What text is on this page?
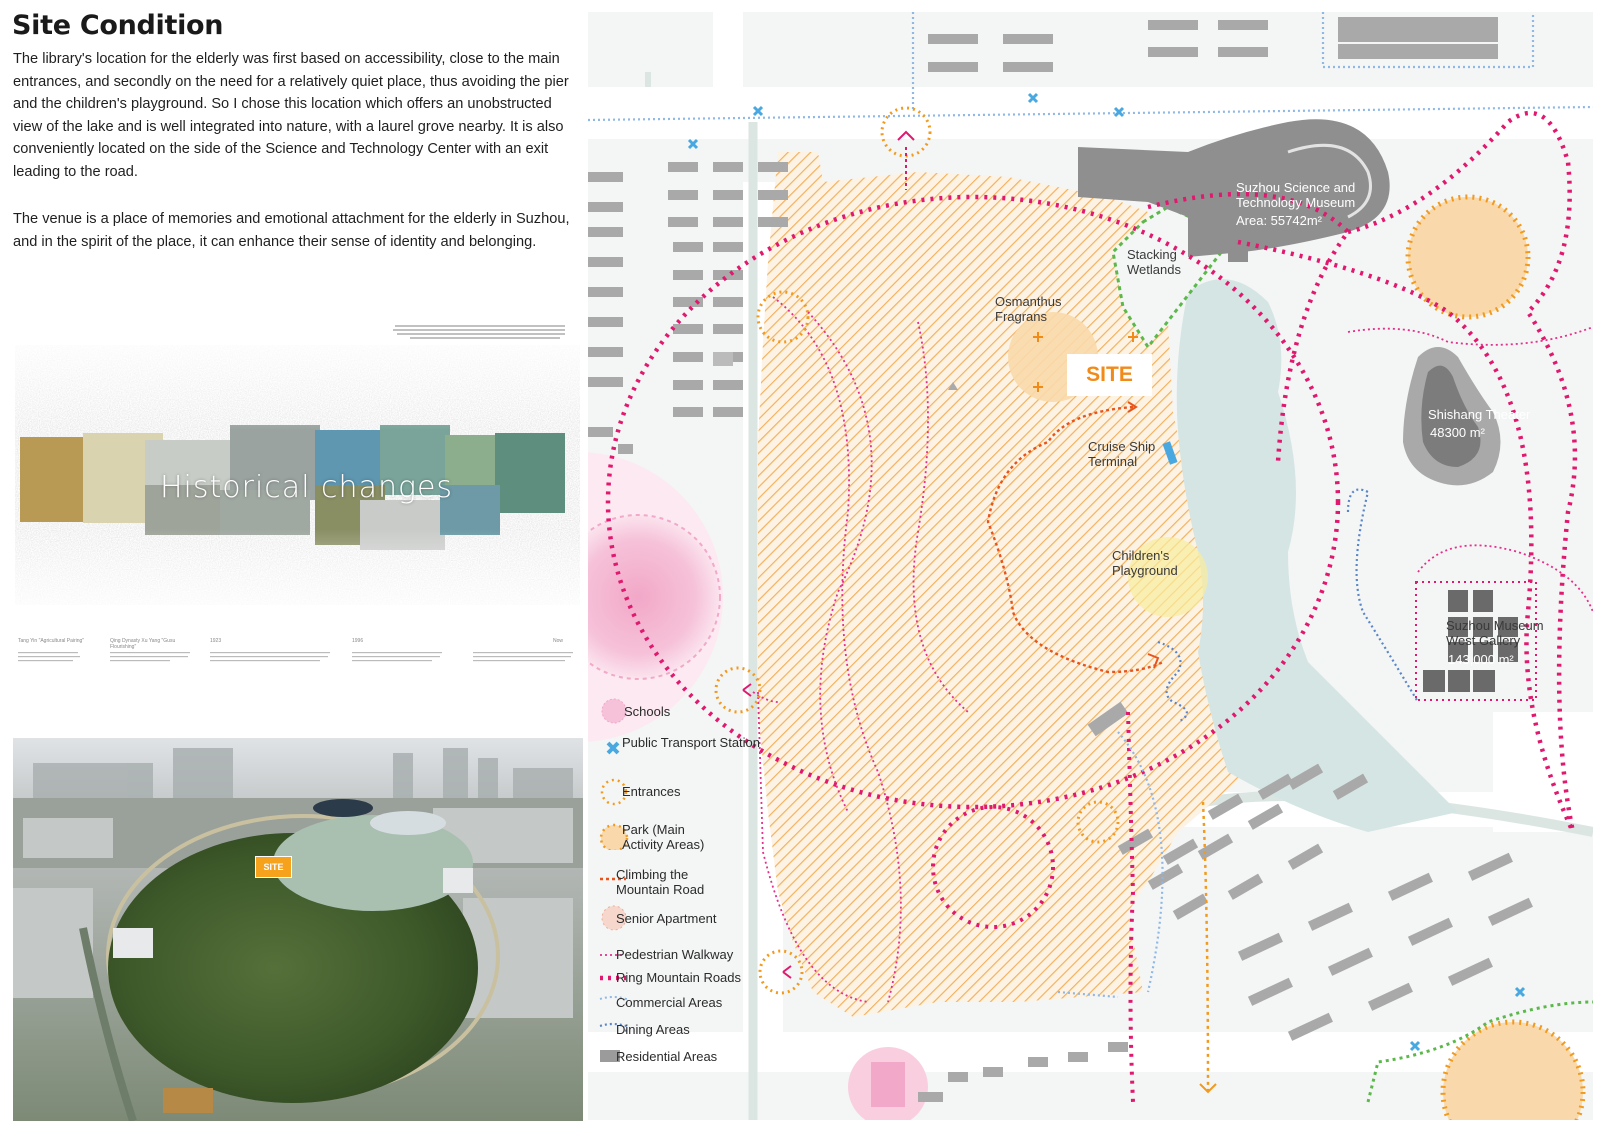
Site Condition
The library's location for the elderly was first based on accessibility, close to the main entrances, and secondly on the need for a relatively quiet place, thus avoiding the pier and the children's playground. So I chose this location which offers an unobstructed view of the lake and is well integrated into nature, with a laurel grove nearby. It is also conveniently located on the side of the Science and Technology Center with an exit leading to the road.
The venue is a place of memories and emotional attachment for the elderly in Suzhou, and in the spirit of the place, it can enhance their sense of identity and belonging.
Historical changes
Tang Yin "Agricultural Pairing"	Qing Dynasty Xu Yang "Gusu Flourishing"
1923	1996	Now
SITE
SITE
Suzhou Science and Technology Museum
Area: 55742m²
Stacking Wetlands
Osmanthus Fragrans
Cruise Ship Terminal
Children's Playground
Shishang Theater
48300 m²
Suzhou Museum West Gallery
143,000 m²
Schools
Public Transport Station
Entrances
Park (Main Activity Areas)
Climbing the Mountain Road
Senior Apartment
Pedestrian Walkway
Ring Mountain Roads
Commercial Areas
Dining Areas
Residential Areas
